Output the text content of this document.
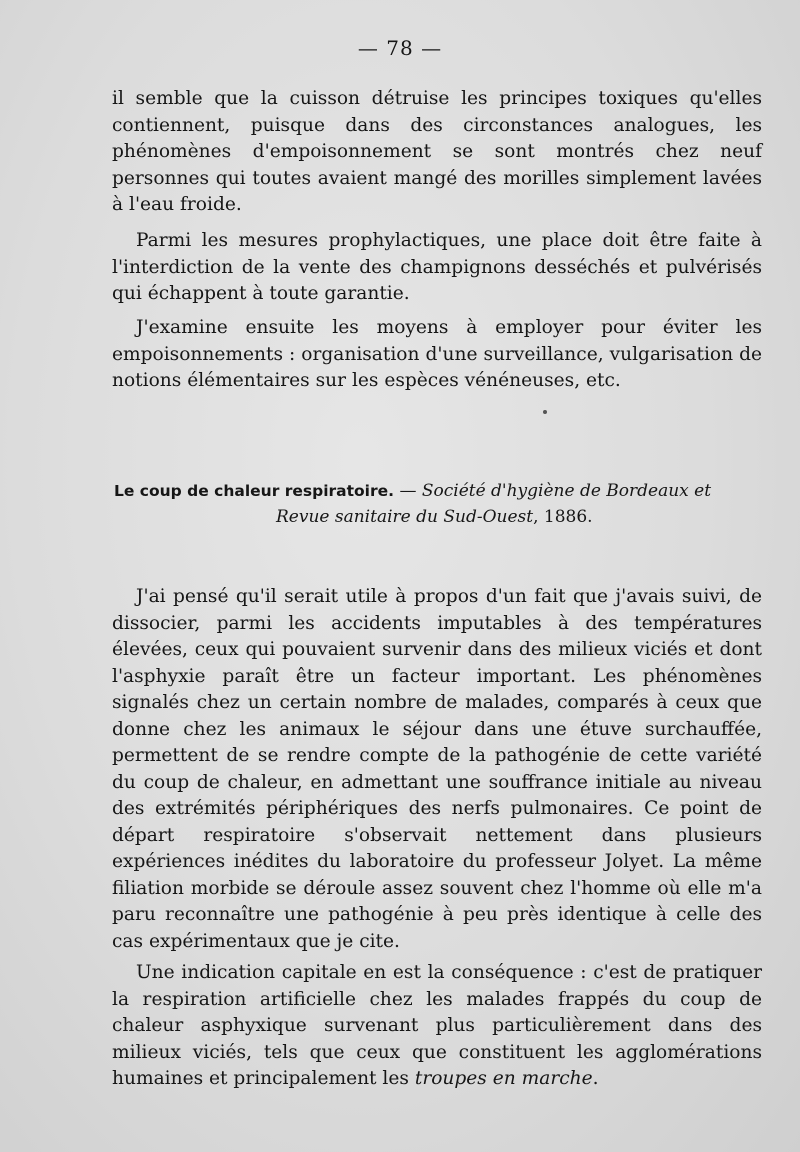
— 78 —

il semble que la cuisson détruise les principes toxiques qu'elles contiennent, puisque dans des circonstances analogues, les phénomènes d'empoisonnement se sont montrés chez neuf personnes qui toutes avaient mangé des morilles simplement lavées à l'eau froide.

Parmi les mesures prophylactiques, une place doit être faite à l'interdiction de la vente des champignons desséchés et pulvérisés qui échappent à toute garantie.

J'examine ensuite les moyens à employer pour éviter les empoisonnements : organisation d'une surveillance, vulgarisation de notions élémentaires sur les espèces vénéneuses, etc.

Le coup de chaleur respiratoire. — Société d'hygiène de Bordeaux et
Revue sanitaire du Sud-Ouest, 1886.

J'ai pensé qu'il serait utile à propos d'un fait que j'avais suivi, de dissocier, parmi les accidents imputables à des températures élevées, ceux qui pouvaient survenir dans des milieux viciés et dont l'asphyxie paraît être un facteur important. Les phénomènes signalés chez un certain nombre de malades, comparés à ceux que donne chez les animaux le séjour dans une étuve surchauffée, permettent de se rendre compte de la pathogénie de cette variété du coup de chaleur, en admettant une souffrance initiale au niveau des extrémités périphériques des nerfs pulmonaires. Ce point de départ respiratoire s'observait nettement dans plusieurs expériences inédites du laboratoire du professeur Jolyet. La même filiation morbide se déroule assez souvent chez l'homme où elle m'a paru reconnaître une pathogénie à peu près identique à celle des cas expérimentaux que je cite.

Une indication capitale en est la conséquence : c'est de pratiquer la respiration artificielle chez les malades frappés du coup de chaleur asphyxique survenant plus particulièrement dans des milieux viciés, tels que ceux que constituent les agglomérations humaines et principalement les troupes en marche.
